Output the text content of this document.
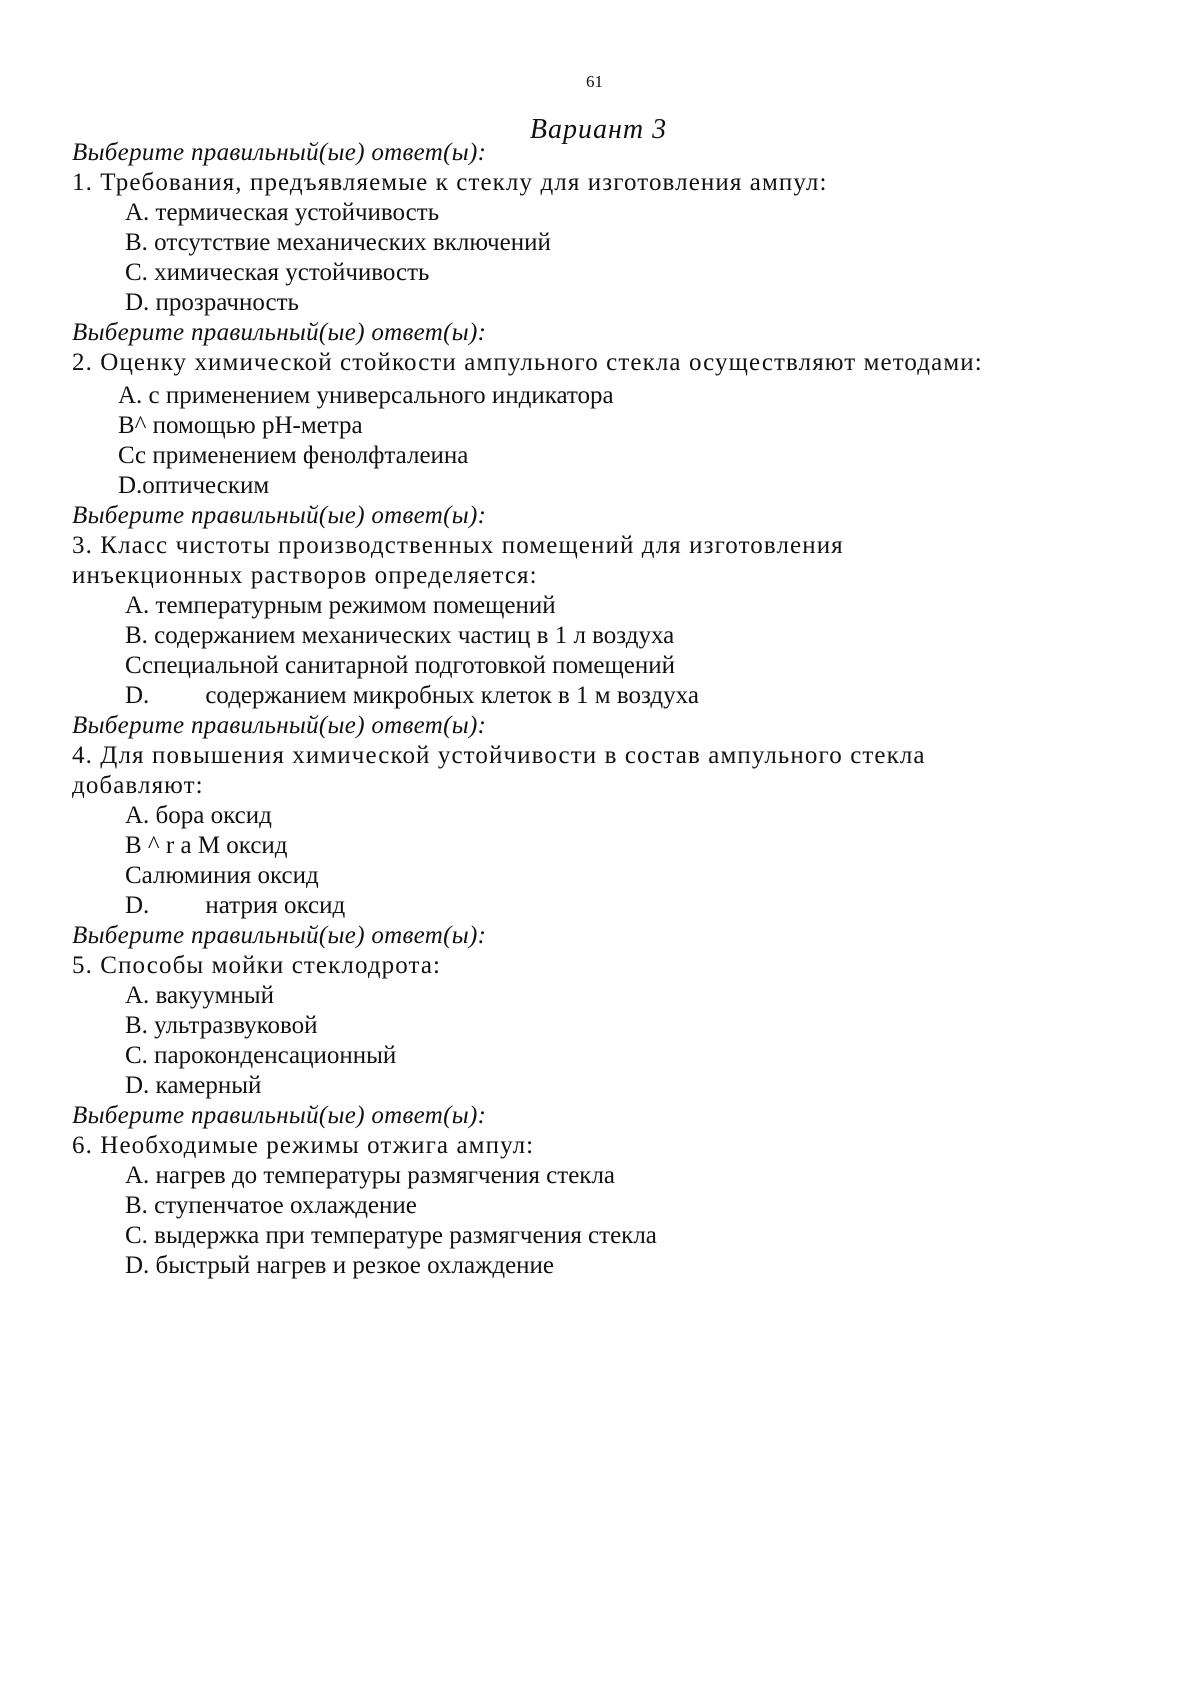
61
Вариант 3
Выберите правильный(ые) ответ(ы):
1. Требования, предъявляемые к стеклу для изготовления ампул:
А. термическая устойчивость
В. отсутствие механических включений
С. химическая устойчивость
D. прозрачность
Выберите правильный(ые) ответ(ы):
2. Оценку химической стойкости ампульного стекла осуществляют методами:
А. с применением универсального индикатора
В^ помощью рН-метра
Сс применением фенолфталеина
D.оптическим
Выберите правильный(ые) ответ(ы):
3. Класс чистоты производственных помещений для изготовления
инъекционных растворов определяется:
А. температурным режимом помещений
В. содержанием механических частиц в 1 л воздуха
Сспециальной санитарной подготовкой помещений
D. содержанием микробных клеток в 1 м воздуха
Выберите правильный(ые) ответ(ы):
4. Для повышения химической устойчивости в состав ампульного стекла
добавляют:
А. бора оксид
В ^ r a M оксид
Салюминия оксид
D. натрия оксид
Выберите правильный(ые) ответ(ы):
5. Способы мойки стеклодрота:
А. вакуумный
В. ультразвуковой
С. пароконденсационный
D. камерный
Выберите правильный(ые) ответ(ы):
6. Необходимые режимы отжига ампул:
А. нагрев до температуры размягчения стекла
В. ступенчатое охлаждение
С. выдержка при температуре размягчения стекла
D. быстрый нагрев и резкое охлаждение
